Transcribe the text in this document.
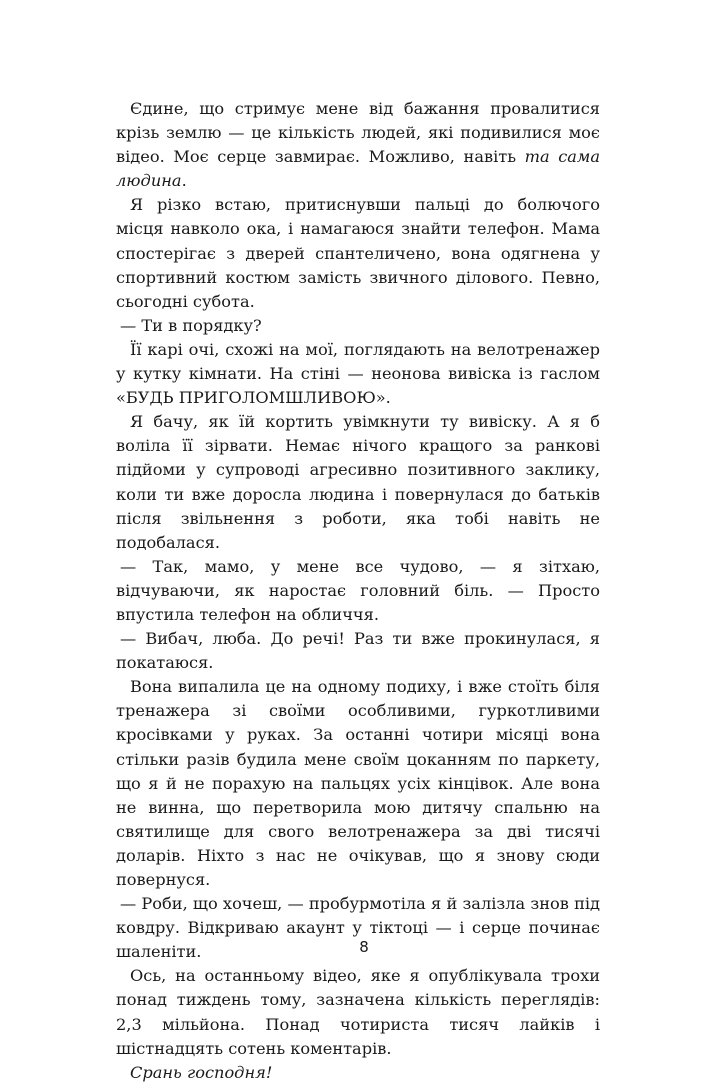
Єдине, що стримує мене від бажання провалитися крізь землю — це кількість людей, які подивилися моє відео. Моє серце завмирає. Можливо, навіть та сама людина.

Я різко встаю, притиснувши пальці до болючого місця навколо ока, і намагаюся знайти телефон. Мама спостерігає з дверей спантеличено, вона одягнена у спортивний костюм замість звичного ділового. Певно, сьогодні субота.

— Ти в порядку?

Її карі очі, схожі на мої, поглядають на велотренажер у кутку кімнати. На стіні — неонова вивіска із гаслом «БУДЬ ПРИГОЛОМШЛИВОЮ».

Я бачу, як їй кортить увімкнути ту вивіску. А я б воліла її зірвати. Немає нічого кращого за ранкові підйоми у супроводі агресивно позитивного заклику, коли ти вже доросла людина і повернулася до батьків після звільнення з роботи, яка тобі навіть не подобалася.

— Так, мамо, у мене все чудово, — я зітхаю, відчуваючи, як наростає головний біль. — Просто впустила телефон на обличчя.

— Вибач, люба. До речі! Раз ти вже прокинулася, я покатаюся.

Вона випалила це на одному подиху, і вже стоїть біля тренажера зі своїми особливими, гуркотливими кросівками у руках. За останні чотири місяці вона стільки разів будила мене своїм цоканням по паркету, що я й не порахую на пальцях усіх кінцівок. Але вона не винна, що перетворила мою дитячу спальню на святилище для свого велотренажера за дві тисячі доларів. Ніхто з нас не очікував, що я знову сюди повернуся.

— Роби, що хочеш, — пробурмотіла я й залізла знов під ковдру. Відкриваю акаунт у тіктоці — і серце починає шаленіти.

Ось, на останньому відео, яке я опублікувала трохи понад тиждень тому, зазначена кількість переглядів: 2,3 мільйона. Понад чотириста тисяч лайків і шістнадцять сотень коментарів.

Срань господня!

8
